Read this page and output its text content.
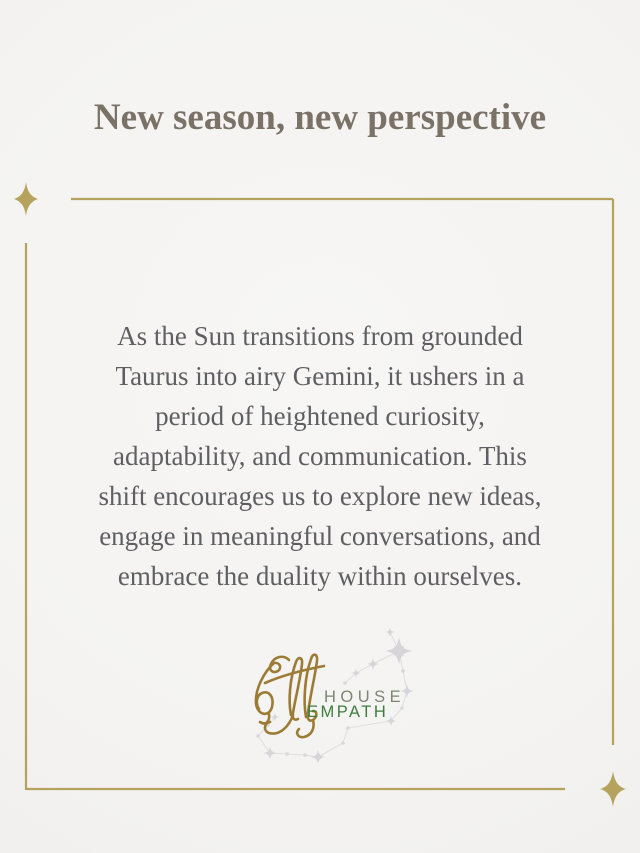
New season, new perspective
As the Sun transitions from grounded
Taurus into airy Gemini, it ushers in a
period of heightened curiosity,
adaptability, and communication. This
shift encourages us to explore new ideas,
engage in meaningful conversations, and
embrace the duality within ourselves.
HOUSE
EMPATH
